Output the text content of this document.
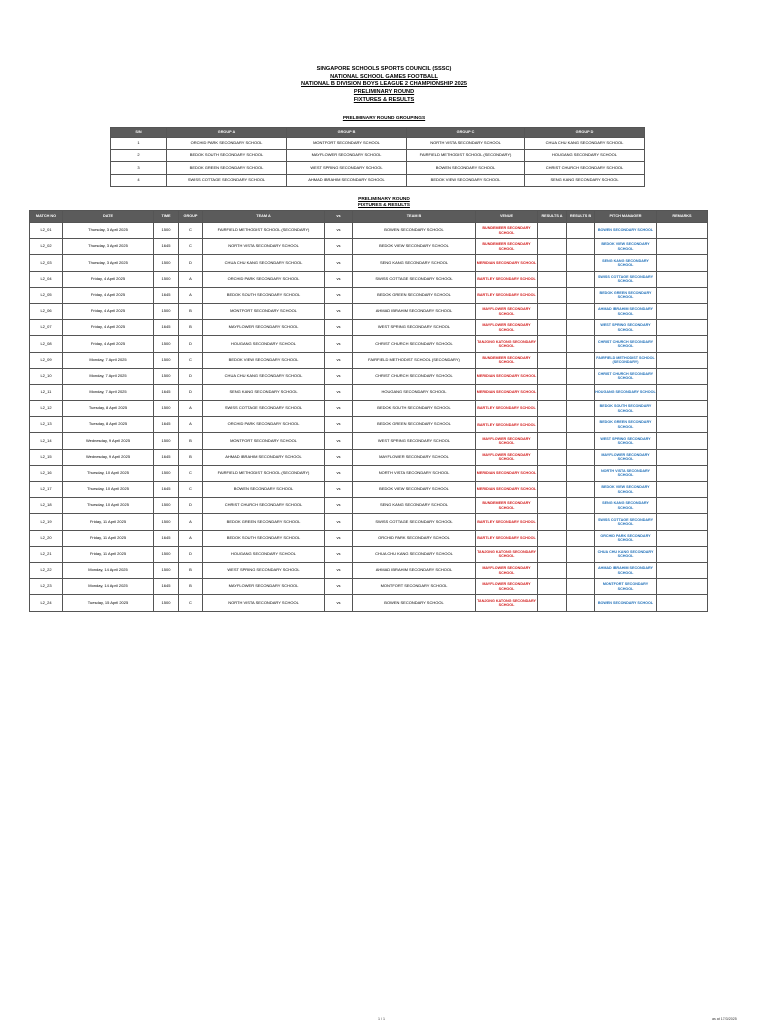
SINGAPORE SCHOOLS SPORTS COUNCIL (SSSC)
NATIONAL SCHOOL GAMES FOOTBALL
NATIONAL B DIVISION BOYS LEAGUE 2 CHAMPIONSHIP 2025
PRELIMINARY ROUND
FIXTURES & RESULTS
PRELIMINARY ROUND GROUPINGS
S/N	GROUP A	GROUP B	GROUP C	GROUP D
1	ORCHID PARK SECONDARY SCHOOL	MONTFORT SECONDARY SCHOOL	NORTH VISTA SECONDARY SCHOOL	CHUA CHU KANG SECONDARY SCHOOL
2	BEDOK SOUTH SECONDARY SCHOOL	MAYFLOWER SECONDARY SCHOOL	FAIRFIELD METHODIST SCHOOL (SECONDARY)	HOUGANG SECONDARY SCHOOL
3	BEDOK GREEN SECONDARY SCHOOL	WEST SPRING SECONDARY SCHOOL	BOWEN SECONDARY SCHOOL	CHRIST CHURCH SECONDARY SCHOOL
4	SWISS COTTAGE SECONDARY SCHOOL	AHMAD IBRAHIM SECONDARY SCHOOL	BEDOK VIEW SECONDARY SCHOOL	SENG KANG SECONDARY SCHOOL
PRELIMINARY ROUND
FIXTURES & RESULTS
MATCH NO	DATE	TIME	GROUP	TEAM A	vs	TEAM B	VENUE	RESULTS A	RESULTS B	PITCH MANAGER	REMARKS
L2_01	Thursday, 3 April 2025	1500	C	FAIRFIELD METHODIST SCHOOL (SECONDARY)	vs	BOWEN SECONDARY SCHOOL	BUNDEMEER SECONDARY SCHOOL			BOWEN SECONDARY SCHOOL	
L2_02	Thursday, 3 April 2025	1645	C	NORTH VISTA SECONDARY SCHOOL	vs	BEDOK VIEW SECONDARY SCHOOL	BUNDEMEER SECONDARY SCHOOL			BEDOK VIEW SECONDARY SCHOOL	
L2_03	Thursday, 3 April 2025	1500	D	CHUA CHU KANG SECONDARY SCHOOL	vs	SENG KANG SECONDARY SCHOOL	MERIDIAN SECONDARY SCHOOL			SENG KANG SECONDARY SCHOOL	
L2_04	Friday, 4 April 2025	1500	A	ORCHID PARK SECONDARY SCHOOL	vs	SWISS COTTAGE SECONDARY SCHOOL	BARTLEY SECONDARY SCHOOL			SWISS COTTAGE SECONDARY SCHOOL	
L2_05	Friday, 4 April 2025	1645	A	BEDOK SOUTH SECONDARY SCHOOL	vs	BEDOK GREEN SECONDARY SCHOOL	BARTLEY SECONDARY SCHOOL			BEDOK GREEN SECONDARY SCHOOL	
L2_06	Friday, 4 April 2025	1500	B	MONTFORT SECONDARY SCHOOL	vs	AHMAD IBRAHIM SECONDARY SCHOOL	MAYFLOWER SECONDARY SCHOOL			AHMAD IBRAHIM SECONDARY SCHOOL	
L2_07	Friday, 4 April 2025	1645	B	MAYFLOWER SECONDARY SCHOOL	vs	WEST SPRING SECONDARY SCHOOL	MAYFLOWER SECONDARY SCHOOL			WEST SPRING SECONDARY SCHOOL	
L2_08	Friday, 4 April 2025	1500	D	HOUGANG SECONDARY SCHOOL	vs	CHRIST CHURCH SECONDARY SCHOOL	TANJONG KATONG SECONDARY SCHOOL			CHRIST CHURCH SECONDARY SCHOOL	
L2_09	Monday, 7 April 2025	1500	C	BEDOK VIEW SECONDARY SCHOOL	vs	FAIRFIELD METHODIST SCHOOL (SECONDARY)	BUNDEMEER SECONDARY SCHOOL			FAIRFIELD METHODIST SCHOOL (SECONDARY)	
L2_10	Monday, 7 April 2025	1500	D	CHUA CHU KANG SECONDARY SCHOOL	vs	CHRIST CHURCH SECONDARY SCHOOL	MERIDIAN SECONDARY SCHOOL			CHRIST CHURCH SECONDARY SCHOOL	
L2_11	Monday, 7 April 2025	1645	D	SENG KANG SECONDARY SCHOOL	vs	HOUGANG SECONDARY SCHOOL	MERIDIAN SECONDARY SCHOOL			HOUGANG SECONDARY SCHOOL	
L2_12	Tuesday, 8 April 2025	1500	A	SWISS COTTAGE SECONDARY SCHOOL	vs	BEDOK SOUTH SECONDARY SCHOOL	BARTLEY SECONDARY SCHOOL			BEDOK SOUTH SECONDARY SCHOOL	
L2_13	Tuesday, 8 April 2025	1645	A	ORCHID PARK SECONDARY SCHOOL	vs	BEDOK GREEN SECONDARY SCHOOL	BARTLEY SECONDARY SCHOOL			BEDOK GREEN SECONDARY SCHOOL	
L2_14	Wednesday, 9 April 2025	1500	B	MONTFORT SECONDARY SCHOOL	vs	WEST SPRING SECONDARY SCHOOL	MAYFLOWER SECONDARY SCHOOL			WEST SPRING SECONDARY SCHOOL	
L2_15	Wednesday, 9 April 2025	1645	B	AHMAD IBRAHIM SECONDARY SCHOOL	vs	MAYFLOWER SECONDARY SCHOOL	MAYFLOWER SECONDARY SCHOOL			MAYFLOWER SECONDARY SCHOOL	
L2_16	Thursday, 10 April 2025	1500	C	FAIRFIELD METHODIST SCHOOL (SECONDARY)	vs	NORTH VISTA SECONDARY SCHOOL	MERIDIAN SECONDARY SCHOOL			NORTH VISTA SECONDARY SCHOOL	
L2_17	Thursday, 10 April 2025	1645	C	BOWEN SECONDARY SCHOOL	vs	BEDOK VIEW SECONDARY SCHOOL	MERIDIAN SECONDARY SCHOOL			BEDOK VIEW SECONDARY SCHOOL	
L2_18	Thursday, 10 April 2025	1500	D	CHRIST CHURCH SECONDARY SCHOOL	vs	SENG KANG SECONDARY SCHOOL	BUNDEMEER SECONDARY SCHOOL			SENG KANG SECONDARY SCHOOL	
L2_19	Friday, 11 April 2025	1500	A	BEDOK GREEN SECONDARY SCHOOL	vs	SWISS COTTAGE SECONDARY SCHOOL	BARTLEY SECONDARY SCHOOL			SWISS COTTAGE SECONDARY SCHOOL	
L2_20	Friday, 11 April 2025	1645	A	BEDOK SOUTH SECONDARY SCHOOL	vs	ORCHID PARK SECONDARY SCHOOL	BARTLEY SECONDARY SCHOOL			ORCHID PARK SECONDARY SCHOOL	
L2_21	Friday, 11 April 2025	1500	D	HOUGANG SECONDARY SCHOOL	vs	CHUA CHU KANG SECONDARY SCHOOL	TANJONG KATONG SECONDARY SCHOOL			CHUA CHU KANG SECONDARY SCHOOL	
L2_22	Monday, 14 April 2025	1500	B	WEST SPRING SECONDARY SCHOOL	vs	AHMAD IBRAHIM SECONDARY SCHOOL	MAYFLOWER SECONDARY SCHOOL			AHMAD IBRAHIM SECONDARY SCHOOL	
L2_23	Monday, 14 April 2025	1645	B	MAYFLOWER SECONDARY SCHOOL	vs	MONTFORT SECONDARY SCHOOL	MAYFLOWER SECONDARY SCHOOL			MONTFORT SECONDARY SCHOOL	
L2_24	Tuesday, 15 April 2025	1500	C	NORTH VISTA SECONDARY SCHOOL	vs	BOWEN SECONDARY SCHOOL	TANJONG KATONG SECONDARY SCHOOL			BOWEN SECONDARY SCHOOL	
1 / 1	as at 17/3/2025
